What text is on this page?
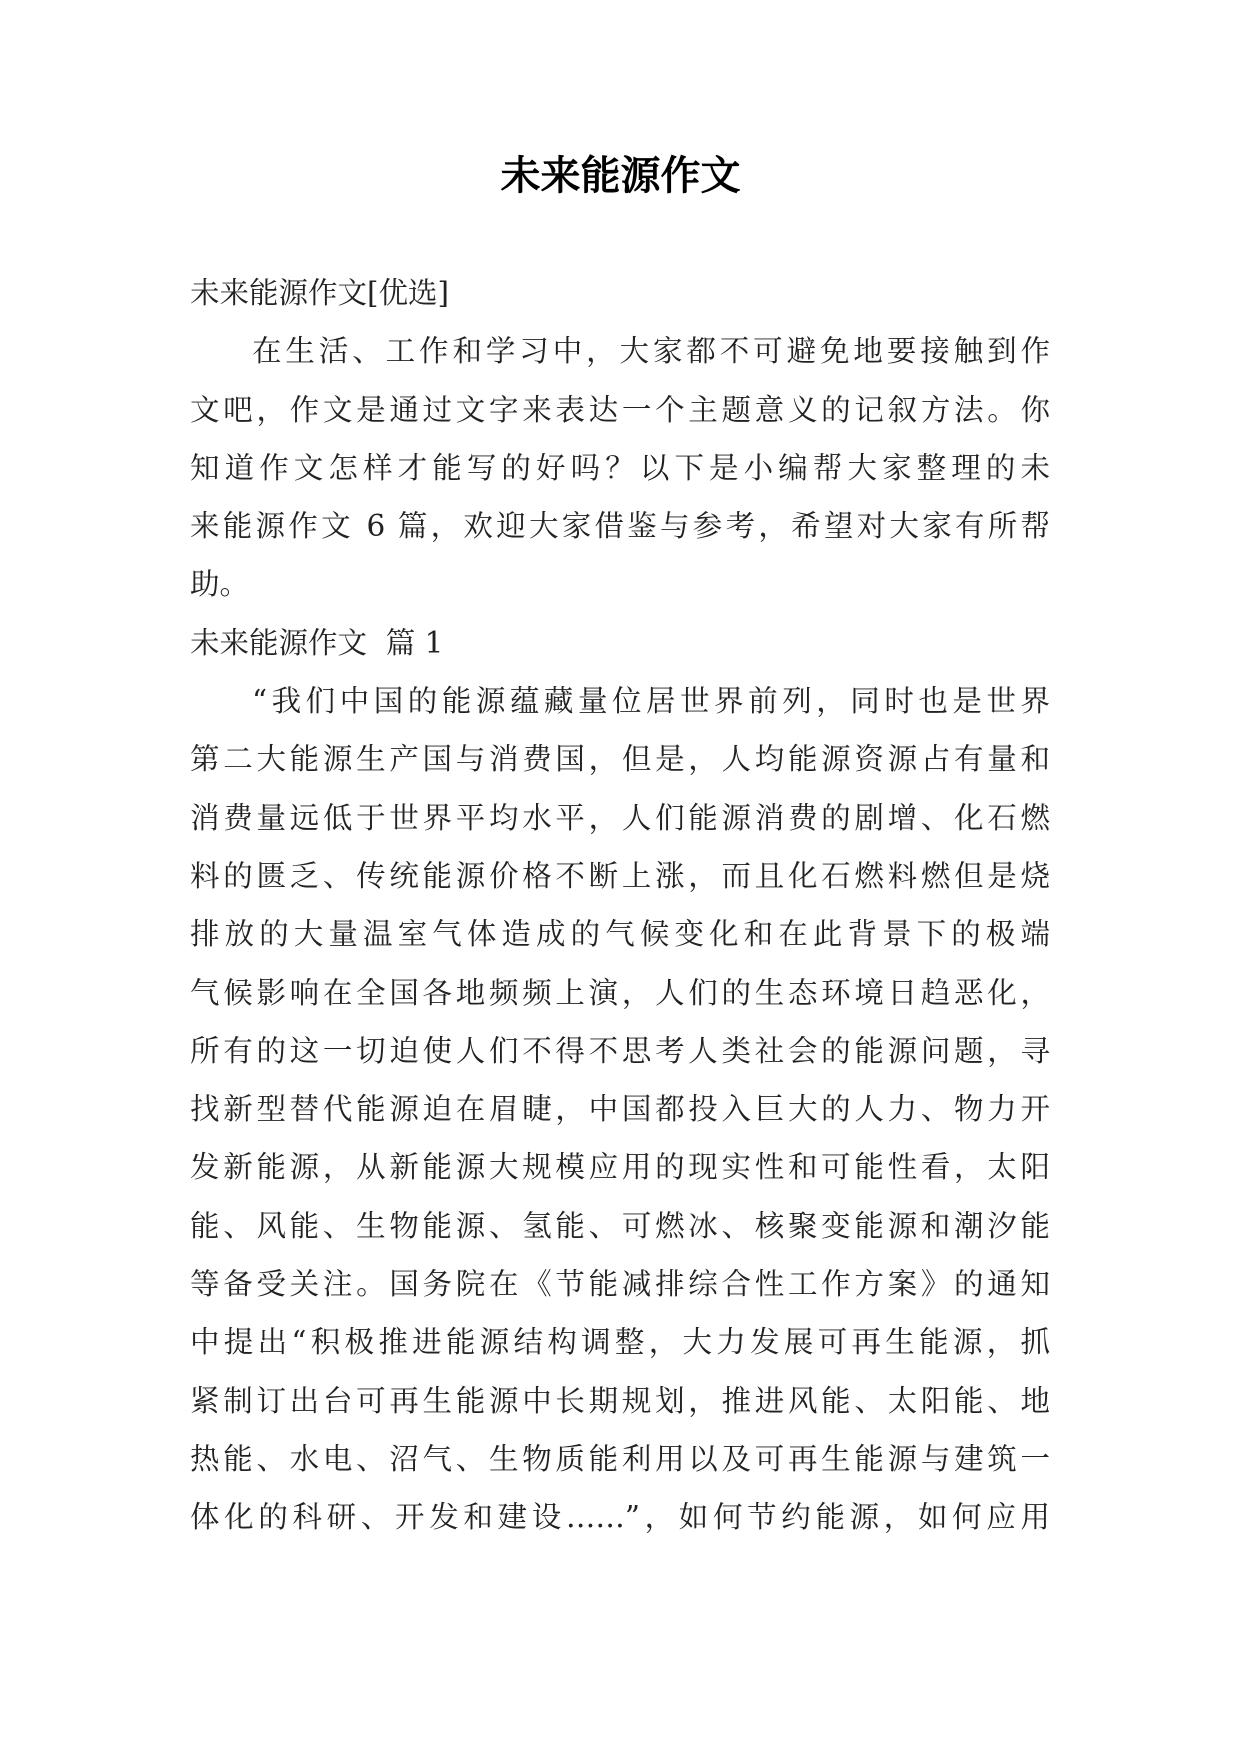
未来能源作文

未来能源作文[优选]

在生活、工作和学习中，大家都不可避免地要接触到作

文吧，作文是通过文字来表达一个主题意义的记叙方法。你

知道作文怎样才能写的好吗？以下是小编帮大家整理的未

来能源作文 6 篇，欢迎大家借鉴与参考，希望对大家有所帮

助。

未来能源作文  篇 1

“我们中国的能源蕴藏量位居世界前列，同时也是世界

第二大能源生产国与消费国，但是，人均能源资源占有量和

消费量远低于世界平均水平，人们能源消费的剧增、化石燃

料的匮乏、传统能源价格不断上涨，而且化石燃料燃但是烧

排放的大量温室气体造成的气候变化和在此背景下的极端

气候影响在全国各地频频上演，人们的生态环境日趋恶化，

所有的这一切迫使人们不得不思考人类社会的能源问题，寻

找新型替代能源迫在眉睫，中国都投入巨大的人力、物力开

发新能源，从新能源大规模应用的现实性和可能性看，太阳

能、风能、生物能源、氢能、可燃冰、核聚变能源和潮汐能

等备受关注。国务院在《节能减排综合性工作方案》的通知

中提出“积极推进能源结构调整，大力发展可再生能源，抓

紧制订出台可再生能源中长期规划，推进风能、太阳能、地

热能、水电、沼气、生物质能利用以及可再生能源与建筑一

体化的科研、开发和建设……”，如何节约能源，如何应用
